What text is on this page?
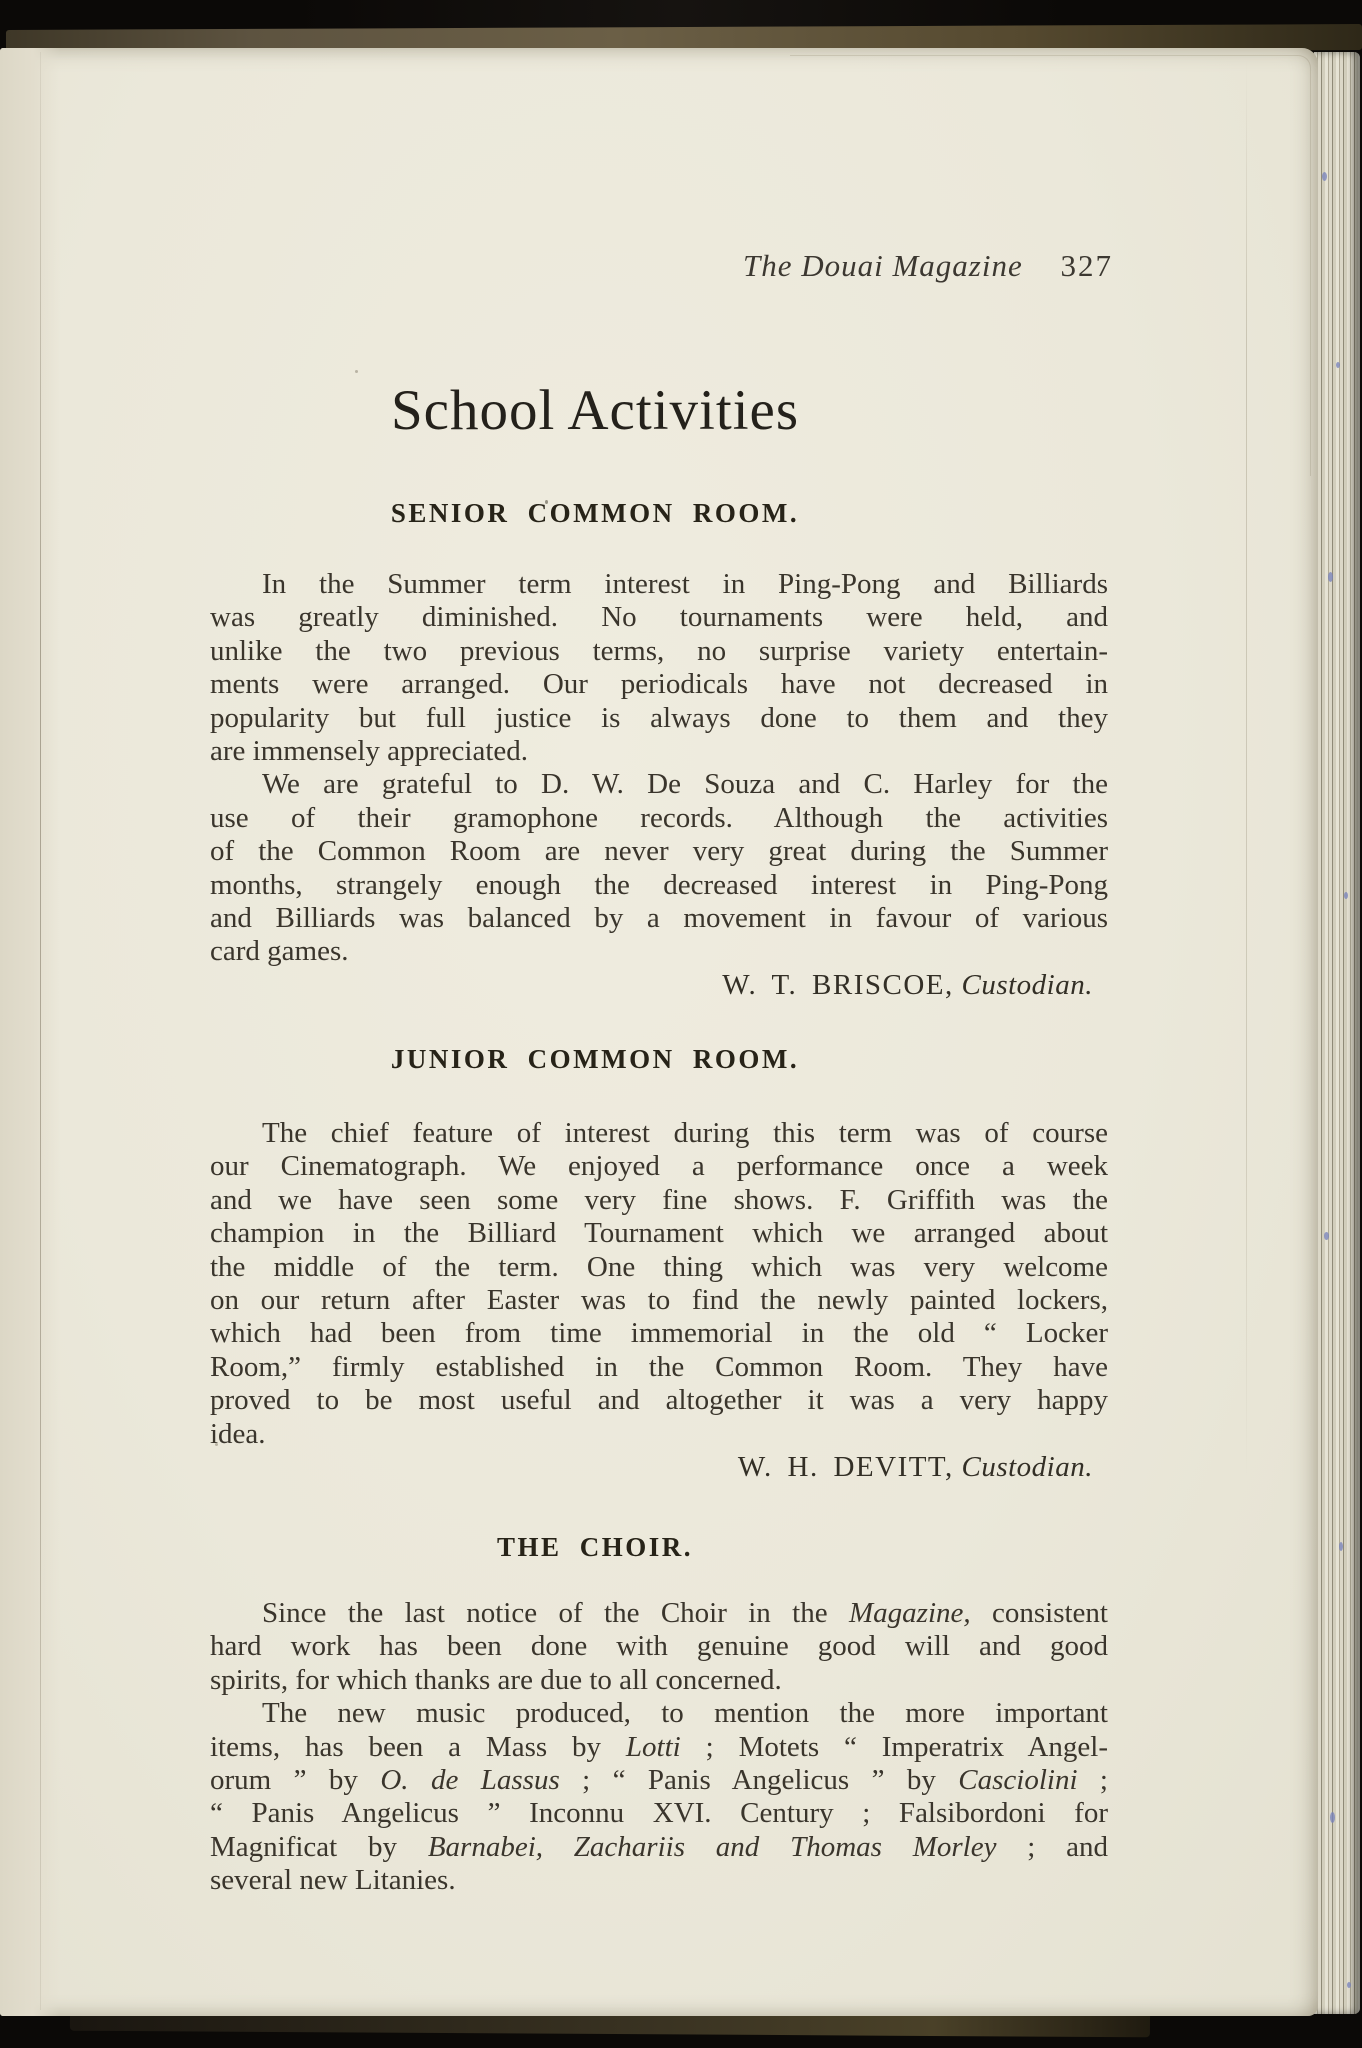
The Douai Magazine 327
School Activities
SENIOR COMMON ROOM.
In the Summer term interest in Ping-Pong and Billiards
was greatly diminished. No tournaments were held, and
unlike the two previous terms, no surprise variety entertain-
ments were arranged. Our periodicals have not decreased in
popularity but full justice is always done to them and they
are immensely appreciated.
We are grateful to D. W. De Souza and C. Harley for the
use of their gramophone records. Although the activities
of the Common Room are never very great during the Summer
months, strangely enough the decreased interest in Ping-Pong
and Billiards was balanced by a movement in favour of various
card games.
W. T. BRISCOE, Custodian.
JUNIOR COMMON ROOM.
The chief feature of interest during this term was of course
our Cinematograph. We enjoyed a performance once a week
and we have seen some very fine shows. F. Griffith was the
champion in the Billiard Tournament which we arranged about
the middle of the term. One thing which was very welcome
on our return after Easter was to find the newly painted lockers,
which had been from time immemorial in the old “ Locker
Room,” firmly established in the Common Room. They have
proved to be most useful and altogether it was a very happy
idea.
W. H. DEVITT, Custodian.
THE CHOIR.
Since the last notice of the Choir in the Magazine, consistent
hard work has been done with genuine good will and good
spirits, for which thanks are due to all concerned.
The new music produced, to mention the more important
items, has been a Mass by Lotti ; Motets “ Imperatrix Angel-
orum ” by O. de Lassus ; “ Panis Angelicus ” by Casciolini ;
“ Panis Angelicus ” Inconnu XVI. Century ; Falsibordoni for
Magnificat by Barnabei, Zachariis and Thomas Morley ; and
several new Litanies.
